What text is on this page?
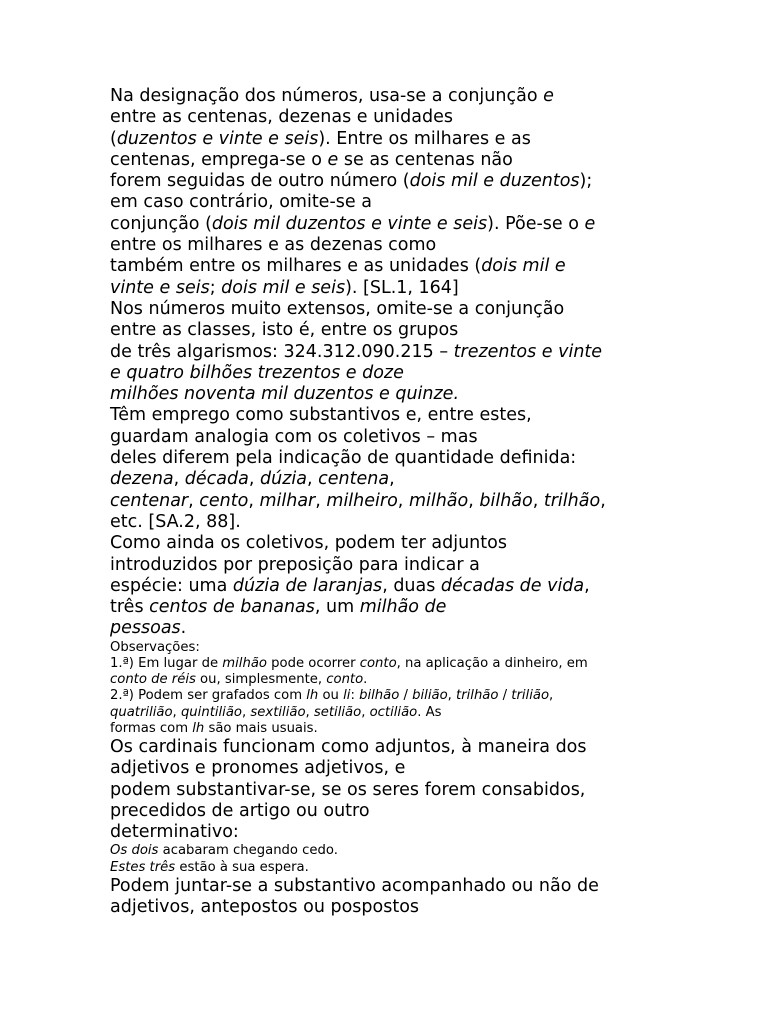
Na designação dos números, usa-se a conjunção e
entre as centenas, dezenas e unidades
(duzentos e vinte e seis). Entre os milhares e as
centenas, emprega-se o e se as centenas não
forem seguidas de outro número (dois mil e duzentos);
em caso contrário, omite-se a
conjunção (dois mil duzentos e vinte e seis). Põe-se o e
entre os milhares e as dezenas como
também entre os milhares e as unidades (dois mil e
vinte e seis; dois mil e seis). [SL.1, 164]
Nos números muito extensos, omite-se a conjunção
entre as classes, isto é, entre os grupos
de três algarismos: 324.312.090.215 – trezentos e vinte
e quatro bilhões trezentos e doze
milhões noventa mil duzentos e quinze.
Têm emprego como substantivos e, entre estes,
guardam analogia com os coletivos – mas
deles diferem pela indicação de quantidade definida:
dezena, década, dúzia, centena,
centenar, cento, milhar, milheiro, milhão, bilhão, trilhão,
etc. [SA.2, 88].
Como ainda os coletivos, podem ter adjuntos
introduzidos por preposição para indicar a
espécie: uma dúzia de laranjas, duas décadas de vida,
três centos de bananas, um milhão de
pessoas.
Observações:
1.ª) Em lugar de milhão pode ocorrer conto, na aplicação a dinheiro, em
conto de réis ou, simplesmente, conto.
2.ª) Podem ser grafados com lh ou li: bilhão / bilião, trilhão / trilião,
quatrilião, quintilião, sextilião, setilião, octilião. As
formas com lh são mais usuais.
Os cardinais funcionam como adjuntos, à maneira dos
adjetivos e pronomes adjetivos, e
podem substantivar-se, se os seres forem consabidos,
precedidos de artigo ou outro
determinativo:
Os dois acabaram chegando cedo.
Estes três estão à sua espera.
Podem juntar-se a substantivo acompanhado ou não de
adjetivos, antepostos ou pospostos
